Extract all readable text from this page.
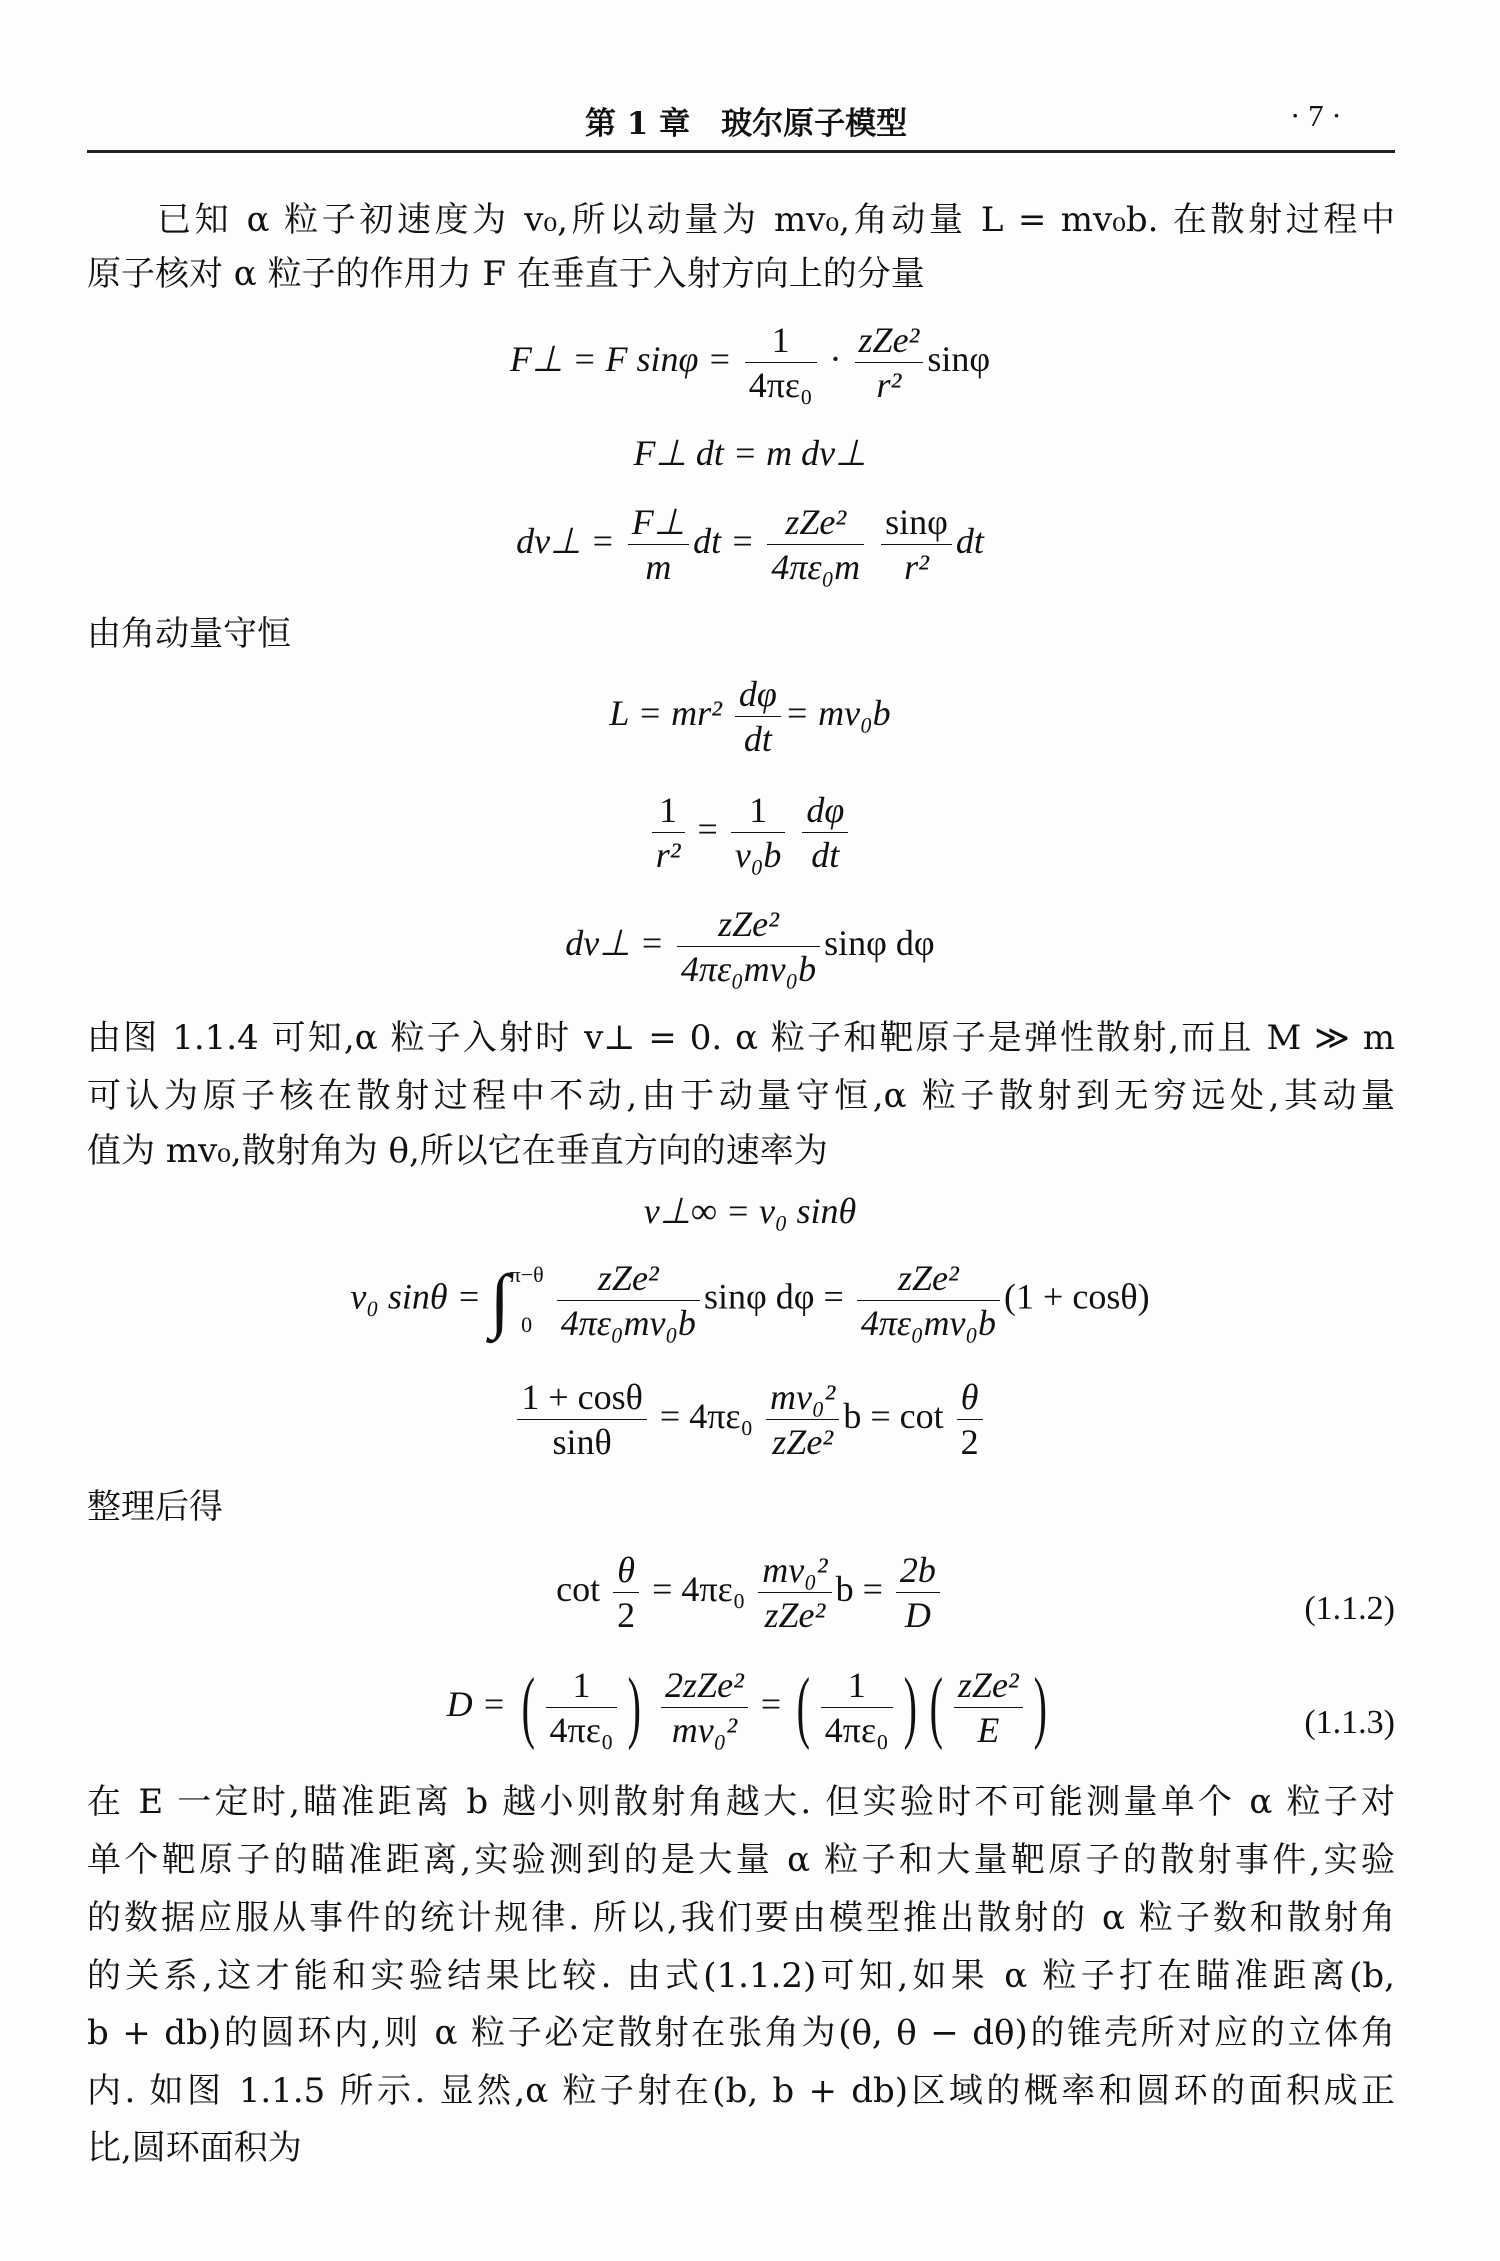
第 1 章　玻尔原子模型	· 7 ·
已知 α 粒子初速度为 v₀,所以动量为 mv₀,角动量 L = mv₀b. 在散射过程中
原子核对 α 粒子的作用力 F 在垂直于入射方向上的分量
F⊥ = F $\sin\varphi = \frac{1}{\text{4πε₀}} \cdot \frac{\text{zZe²}}{\text{r²}}$ sinφ
F⊥ dt = m dv⊥
dv⊥ = $\frac{F\perp}{m}$ dt = $\frac{\text{zZe²}}{\text{4πε₀m}}$
$\frac{\sin\varphi}{\text{r²}}$ dt
由角动量守恒
$L = mr^2 \frac{d\varphi}{dt} = mv_0b$
$\frac{1}{\text{r²}} = \frac{1}{\text{v₀b}}$
$\frac{d\varphi}{dt}$
dv⊥ = $\frac{\text{zZe²}}{\text{4πε₀mv₀b}}$ sinφ dφ
由图 1.1.4 可知,α 粒子入射时 v⊥ = 0. α 粒子和靶原子是弹性散射,而且 M ≫ m
可认为原子核在散射过程中不动,由于动量守恒,α 粒子散射到无穷远处,其动量
值为 mv₀,散射角为 θ,所以它在垂直方向的速率为
v⊥∞ = v₀ sinθ
v₀ sinθ = ∫ π−θ
0
$\frac{\text{zZe²}}{\text{4πε₀mv₀b}}$ sinφ $d\varphi = \frac{\text{zZe²}}{\text{4πε₀mv₀b}} (1 + \cos\theta)$
$\frac{1 + \cos\theta}{\sin\theta} = 4\pi\varepsilon_0 \frac{\text{mv₀²}}{\text{zZe²}}$ $b = \cot \frac{\theta}{2}$
整理后得
$\cot \frac{\theta}{2} = 4\pi\varepsilon_0 \frac{\text{mv₀²}}{\text{zZe²}}$ $b = \frac{2b}{D}$	(1.1.2)
D = ( $\frac{1}{\text{4πε₀}}$ ) $\frac{\text{2zZe²}}{\text{mv₀²}}$ = ( $\frac{1}{\text{4πε₀}}$ ) ( $\frac{\text{zZe²}}{E}$ )	(1.1.3)
在 E 一定时,瞄准距离 b 越小则散射角越大. 但实验时不可能测量单个 α 粒子对
单个靶原子的瞄准距离,实验测到的是大量 α 粒子和大量靶原子的散射事件,实验
的数据应服从事件的统计规律. 所以,我们要由模型推出散射的 α 粒子数和散射角
的关系,这才能和实验结果比较. 由式(1.1.2)可知,如果 α 粒子打在瞄准距离(b,
b + db)的圆环内,则 α 粒子必定散射在张角为(θ, θ − dθ)的锥壳所对应的立体角
内. 如图 1.1.5 所示. 显然,α 粒子射在(b, b + db)区域的概率和圆环的面积成正
比,圆环面积为
